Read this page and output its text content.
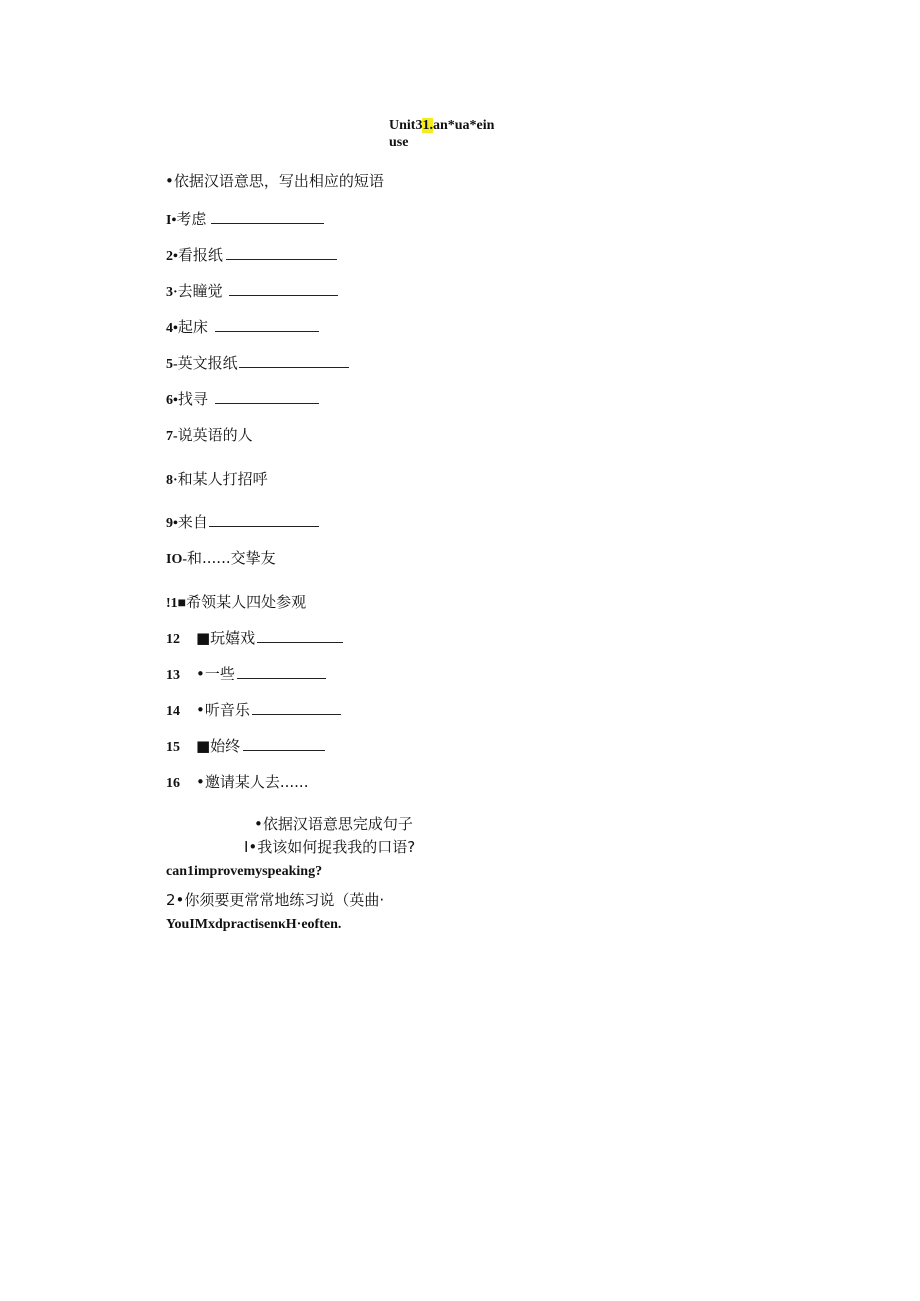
Unit31.an*ua*ein
use
•依据汉语意思，写出相应的短语
I• 考虑
2• 看报纸
3· 去瞳觉
4• 起床
5- 英文报纸
6• 找寻
7- 说英语的人
8· 和某人打招呼
9• 来自
IO- 和......交挚友
!1■ 希领某人四处参观
12	■玩嬉戏
13	•一些
14	•听音乐
15	■始终
16	•邀请某人去......
•依据汉语意思完成句子
I•我该如何捉我我的口语?
can1improvemyspeaking?
2•你须要更常常地练习说（英曲·
YouIMxdpractisenκH·eoften.
